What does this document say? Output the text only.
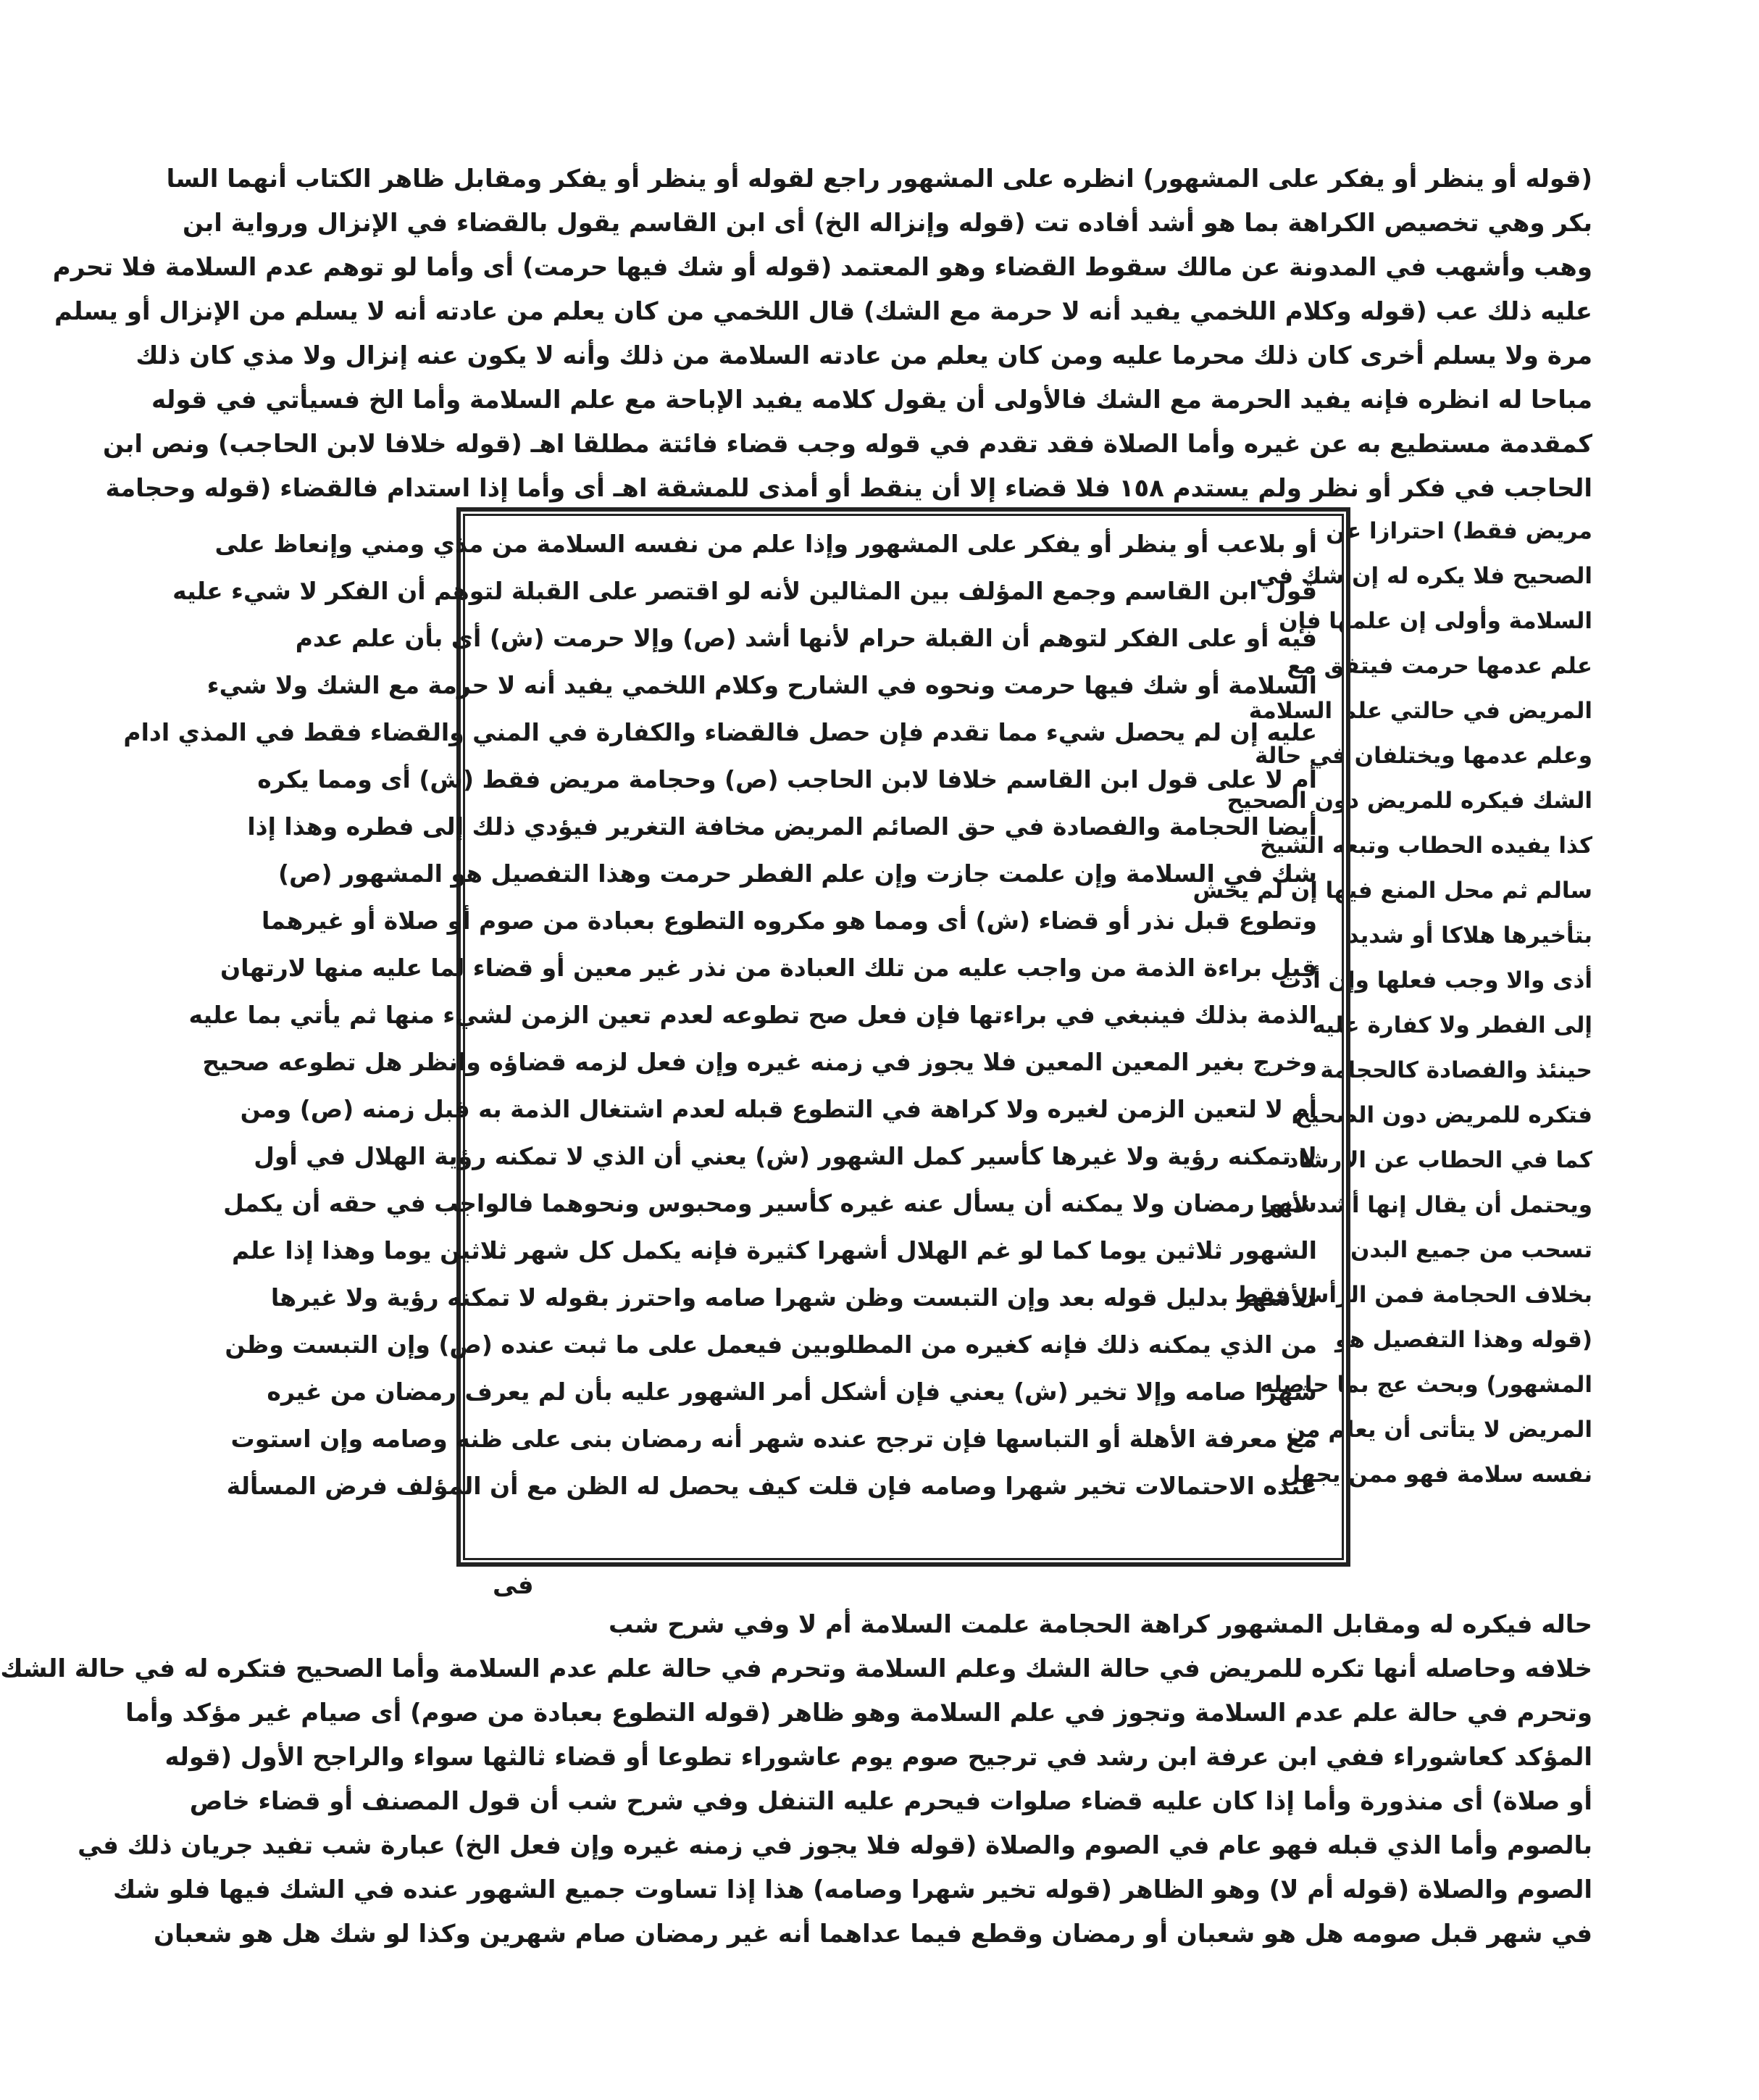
(قوله أو ينظر أو يفكر على المشهور) انظره على المشهور راجع لقوله أو ينظر أو يفكر ومقابل ظاهر الكتاب أنهما السا
بكر وهي تخصيص الكراهة بما هو أشد أفاده تت (قوله وإنزاله الخ) أى ابن القاسم يقول بالقضاء في الإنزال ورواية ابن
وهب وأشهب في المدونة عن مالك سقوط القضاء وهو المعتمد (قوله أو شك فيها حرمت) أى وأما لو توهم عدم السلامة فلا تحرم
عليه ذلك عب (قوله وكلام اللخمي يفيد أنه لا حرمة مع الشك) قال اللخمي من كان يعلم من عادته أنه لا يسلم من الإنزال أو يسلم
مرة ولا يسلم أخرى كان ذلك محرما عليه ومن كان يعلم من عادته السلامة من ذلك وأنه لا يكون عنه إنزال ولا مذي كان ذلك
مباحا له انظره فإنه يفيد الحرمة مع الشك فالأولى أن يقول كلامه يفيد الإباحة مع علم السلامة وأما الخ فسيأتي في قوله
كمقدمة مستطيع به عن غيره وأما الصلاة فقد تقدم في قوله وجب قضاء فائتة مطلقا اهـ (قوله خلافا لابن الحاجب) ونص ابن
الحاجب في فكر أو نظر ولم يستدم ١٥٨ فلا قضاء إلا أن ينقط أو أمذى للمشقة اهـ أى وأما إذا استدام فالقضاء (قوله وحجامة
مريض فقط) احترازا عن
الصحيح فلا يكره له إن شك في
السلامة وأولى إن علمها فإن
علم عدمها حرمت فيتفق مع
المريض في حالتي علم السلامة
وعلم عدمها ويختلفان في حالة
الشك فيكره للمريض دون الصحيح
كذا يفيده الحطاب وتبعه الشيخ
سالم ثم محل المنع فيها إن لم يخش
بتأخيرها هلاكا أو شديد
أذى والا وجب فعلها وإن أدت
إلى الفطر ولا كفارة عليه
حينئذ والفصادة كالحجامة
فتكره للمريض دون الصحيح
كما في الحطاب عن الإرشاد
ويحتمل أن يقال إنها أشد لأنها
تسحب من جميع البدن
بخلاف الحجامة فمن الرأس فقط
(قوله وهذا التفصيل هو
المشهور) وبحث عج بما حاصله
المريض لا يتأتى أن يعلم من
نفسه سلامة فهو ممن يجهل
أو بلاعب أو ينظر أو يفكر على المشهور وإذا علم من نفسه السلامة من مذي ومني وإنعاظ على
قول ابن القاسم وجمع المؤلف بين المثالين لأنه لو اقتصر على القبلة لتوهم أن الفكر لا شيء عليه
فيه أو على الفكر لتوهم أن القبلة حرام لأنها أشد (ص) وإلا حرمت (ش) أى بأن علم عدم
السلامة أو شك فيها حرمت ونحوه في الشارح وكلام اللخمي يفيد أنه لا حرمة مع الشك ولا شيء
عليه إن لم يحصل شيء مما تقدم فإن حصل فالقضاء والكفارة في المني والقضاء فقط في المذي ادام
أم لا على قول ابن القاسم خلافا لابن الحاجب (ص) وحجامة مريض فقط (ش) أى ومما يكره
أيضا الحجامة والفصادة في حق الصائم المريض مخافة التغرير فيؤدي ذلك إلى فطره وهذا إذا
شك في السلامة وإن علمت جازت وإن علم الفطر حرمت وهذا التفصيل هو المشهور (ص)
وتطوع قبل نذر أو قضاء (ش) أى ومما هو مكروه التطوع بعبادة من صوم أو صلاة أو غيرهما
قبل براءة الذمة من واجب عليه من تلك العبادة من نذر غير معين أو قضاء لما عليه منها لارتهان
الذمة بذلك فينبغي في براءتها فإن فعل صح تطوعه لعدم تعين الزمن لشيء منها ثم يأتي بما عليه
وخرج بغير المعين المعين فلا يجوز في زمنه غيره وإن فعل لزمه قضاؤه وانظر هل تطوعه صحيح
أم لا لتعين الزمن لغيره ولا كراهة في التطوع قبله لعدم اشتغال الذمة به قبل زمنه (ص) ومن
لا تمكنه رؤية ولا غيرها كأسير كمل الشهور (ش) يعني أن الذي لا تمكنه رؤية الهلال في أول
شهر رمضان ولا يمكنه أن يسأل عنه غيره كأسير ومحبوس ونحوهما فالواجب في حقه أن يكمل
الشهور ثلاثين يوما كما لو غم الهلال أشهرا كثيرة فإنه يكمل كل شهر ثلاثين يوما وهذا إذا علم
الأشهر بدليل قوله بعد وإن التبست وظن شهرا صامه واحترز بقوله لا تمكنه رؤية ولا غيرها
من الذي يمكنه ذلك فإنه كغيره من المطلوبين فيعمل على ما ثبت عنده (ص) وإن التبست وظن
شهرا صامه وإلا تخير (ش) يعني فإن أشكل أمر الشهور عليه بأن لم يعرف رمضان من غيره
مع معرفة الأهلة أو التباسها فإن ترجح عنده شهر أنه رمضان بنى على ظنه وصامه وإن استوت
عنده الاحتمالات تخير شهرا وصامه فإن قلت كيف يحصل له الظن مع أن المؤلف فرض المسألة
فى
حاله فيكره له ومقابل المشهور كراهة الحجامة علمت السلامة أم لا وفي شرح شب
خلافه وحاصله أنها تكره للمريض في حالة الشك وعلم السلامة وتحرم في حالة علم عدم السلامة وأما الصحيح فتكره له في حالة الشك
وتحرم في حالة علم عدم السلامة وتجوز في علم السلامة وهو ظاهر (قوله التطوع بعبادة من صوم) أى صيام غير مؤكد وأما
المؤكد كعاشوراء ففي ابن عرفة ابن رشد في ترجيح صوم يوم عاشوراء تطوعا أو قضاء ثالثها سواء والراجح الأول (قوله
أو صلاة) أى منذورة وأما إذا كان عليه قضاء صلوات فيحرم عليه التنفل وفي شرح شب أن قول المصنف أو قضاء خاص
بالصوم وأما الذي قبله فهو عام في الصوم والصلاة (قوله فلا يجوز في زمنه غيره وإن فعل الخ) عبارة شب تفيد جريان ذلك في
الصوم والصلاة (قوله أم لا) وهو الظاهر (قوله تخير شهرا وصامه) هذا إذا تساوت جميع الشهور عنده في الشك فيها فلو شك
في شهر قبل صومه هل هو شعبان أو رمضان وقطع فيما عداهما أنه غير رمضان صام شهرين وكذا لو شك هل هو شعبان
